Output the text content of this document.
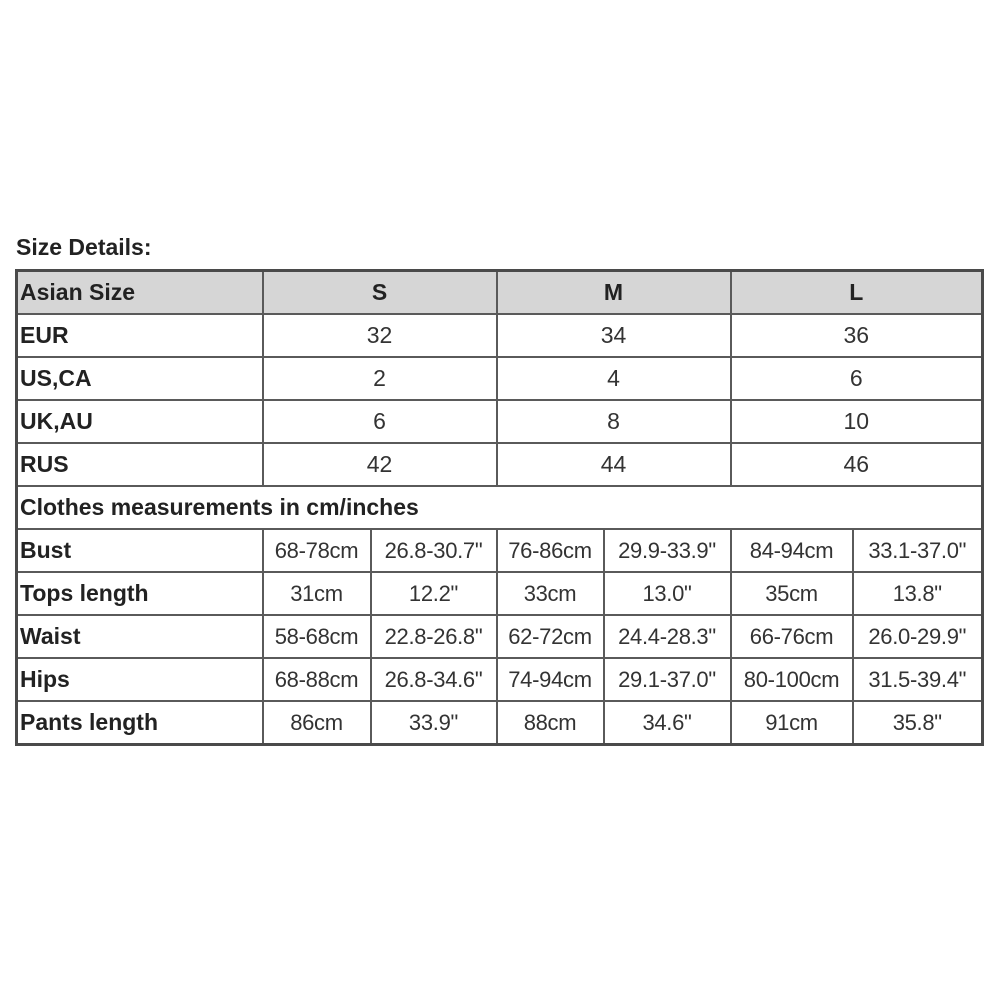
Size Details:
Asian Size	S		M		L	
EUR	32		34		36	
US,CA	2		4		6	
UK,AU	6		8		10	
RUS	42		44		46	
Clothes measurements in cm/inches						
Bust	68-78cm	26.8-30.7"	76-86cm	29.9-33.9"	84-94cm	33.1-37.0"
Tops length	31cm	12.2"	33cm	13.0"	35cm	13.8"
Waist	58-68cm	22.8-26.8"	62-72cm	24.4-28.3"	66-76cm	26.0-29.9"
Hips	68-88cm	26.8-34.6"	74-94cm	29.1-37.0"	80-100cm	31.5-39.4"
Pants length	86cm	33.9"	88cm	34.6"	91cm	35.8"
